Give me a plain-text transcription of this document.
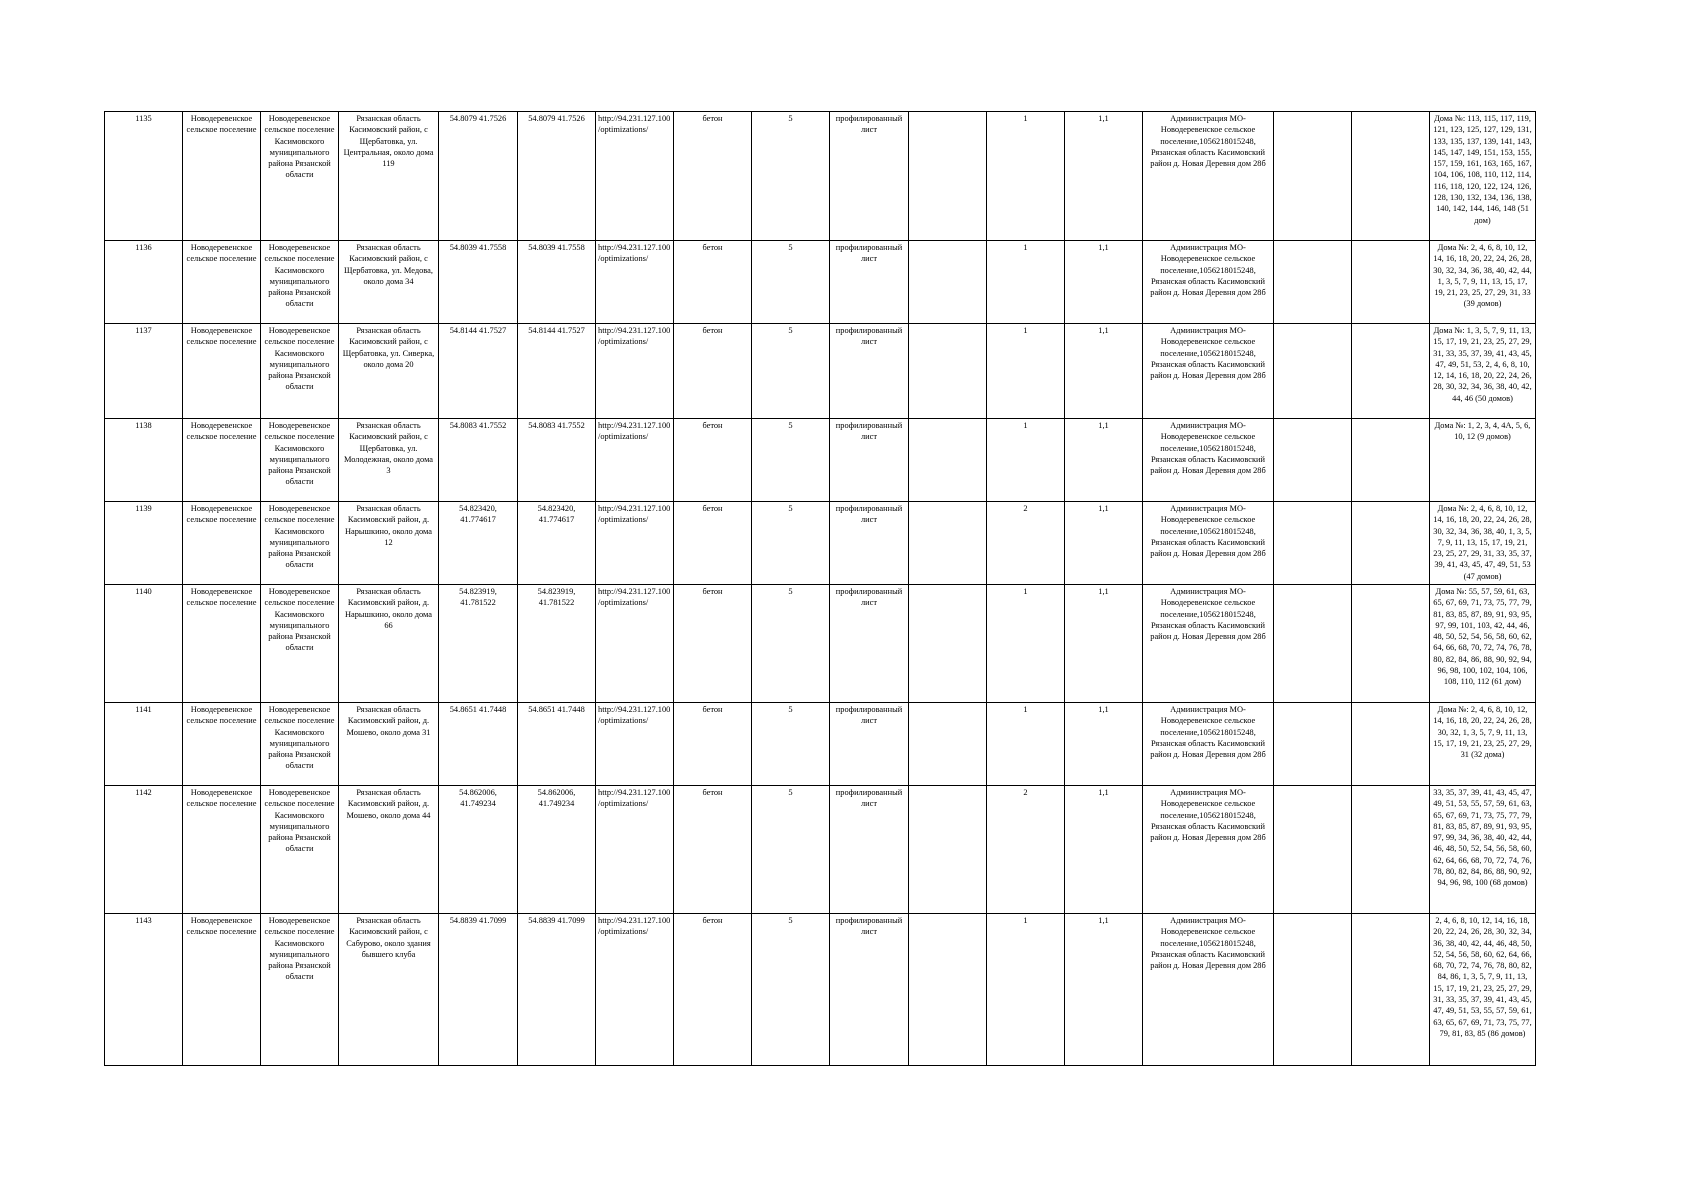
1135	Новодеревенское сельское поселение	Новодеревенское сельское поселение Касимовского муниципального района Рязанской области	Рязанская область Касимовский район, с Щербатовка, ул. Центральная, около дома 119	54.8079 41.7526	54.8079 41.7526	http://94.231.127.100/optimizations/	бетон	5	профилированный лист		1	1,1	Администрация МО-Новодеревенское сельское поселение,1056218015248, Рязанская область Касимовский район д. Новая Деревня дом 28б			Дома №: 113, 115, 117, 119, 121, 123, 125, 127, 129, 131, 133, 135, 137, 139, 141, 143, 145, 147, 149, 151, 153, 155, 157, 159, 161, 163, 165, 167, 104, 106, 108, 110, 112, 114, 116, 118, 120, 122, 124, 126, 128, 130, 132, 134, 136, 138, 140, 142, 144, 146, 148 (51 дом)
1136	Новодеревенское сельское поселение	Новодеревенское сельское поселение Касимовского муниципального района Рязанской области	Рязанская область Касимовский район, с Щербатовка, ул. Медова, около дома 34	54.8039 41.7558	54.8039 41.7558	http://94.231.127.100/optimizations/	бетон	5	профилированный лист		1	1,1	Администрация МО-Новодеревенское сельское поселение,1056218015248, Рязанская область Касимовский район д. Новая Деревня дом 28б			Дома №: 2, 4, 6, 8, 10, 12, 14, 16, 18, 20, 22, 24, 26, 28, 30, 32, 34, 36, 38, 40, 42, 44, 1, 3, 5, 7, 9, 11, 13, 15, 17, 19, 21, 23, 25, 27, 29, 31, 33 (39 домов)
1137	Новодеревенское сельское поселение	Новодеревенское сельское поселение Касимовского муниципального района Рязанской области	Рязанская область Касимовский район, с Щербатовка, ул. Сиверка, около дома 20	54.8144 41.7527	54.8144 41.7527	http://94.231.127.100/optimizations/	бетон	5	профилированный лист		1	1,1	Администрация МО-Новодеревенское сельское поселение,1056218015248, Рязанская область Касимовский район д. Новая Деревня дом 28б			Дома №: 1, 3, 5, 7, 9, 11, 13, 15, 17, 19, 21, 23, 25, 27, 29, 31, 33, 35, 37, 39, 41, 43, 45, 47, 49, 51, 53, 2, 4, 6, 8, 10, 12, 14, 16, 18, 20, 22, 24, 26, 28, 30, 32, 34, 36, 38, 40, 42, 44, 46 (50 домов)
1138	Новодеревенское сельское поселение	Новодеревенское сельское поселение Касимовского муниципального района Рязанской области	Рязанская область Касимовский район, с Щербатовка, ул. Молодежная, около дома 3	54.8083 41.7552	54.8083 41.7552	http://94.231.127.100/optimizations/	бетон	5	профилированный лист		1	1,1	Администрация МО-Новодеревенское сельское поселение,1056218015248, Рязанская область Касимовский район д. Новая Деревня дом 28б			Дома №: 1, 2, 3, 4, 4А, 5, 6, 10, 12 (9 домов)
1139	Новодеревенское сельское поселение	Новодеревенское сельское поселение Касимовского муниципального района Рязанской области	Рязанская область Касимовский район, д. Нарышкино, около дома 12	54.823420, 41.774617	54.823420, 41.774617	http://94.231.127.100/optimizations/	бетон	5	профилированный лист		2	1,1	Администрация МО-Новодеревенское сельское поселение,1056218015248, Рязанская область Касимовский район д. Новая Деревня дом 28б			Дома №: 2, 4, 6, 8, 10, 12, 14, 16, 18, 20, 22, 24, 26, 28, 30, 32, 34, 36, 38, 40, 1, 3, 5, 7, 9, 11, 13, 15, 17, 19, 21, 23, 25, 27, 29, 31, 33, 35, 37, 39, 41, 43, 45, 47, 49, 51, 53 (47 домов)
1140	Новодеревенское сельское поселение	Новодеревенское сельское поселение Касимовского муниципального района Рязанской области	Рязанская область Касимовский район, д. Нарышкино, около дома 66	54.823919, 41.781522	54.823919, 41.781522	http://94.231.127.100/optimizations/	бетон	5	профилированный лист		1	1,1	Администрация МО-Новодеревенское сельское поселение,1056218015248, Рязанская область Касимовский район д. Новая Деревня дом 28б			Дома №: 55, 57, 59, 61, 63, 65, 67, 69, 71, 73, 75, 77, 79, 81, 83, 85, 87, 89, 91, 93, 95, 97, 99, 101, 103, 42, 44, 46, 48, 50, 52, 54, 56, 58, 60, 62, 64, 66, 68, 70, 72, 74, 76, 78, 80, 82, 84, 86, 88, 90, 92, 94, 96, 98, 100, 102, 104, 106, 108, 110, 112 (61 дом)
1141	Новодеревенское сельское поселение	Новодеревенское сельское поселение Касимовского муниципального района Рязанской области	Рязанская область Касимовский район, д. Мошево, около дома 31	54.8651 41.7448	54.8651 41.7448	http://94.231.127.100/optimizations/	бетон	5	профилированный лист		1	1,1	Администрация МО-Новодеревенское сельское поселение,1056218015248, Рязанская область Касимовский район д. Новая Деревня дом 28б			Дома №: 2, 4, 6, 8, 10, 12, 14, 16, 18, 20, 22, 24, 26, 28, 30, 32, 1, 3, 5, 7, 9, 11, 13, 15, 17, 19, 21, 23, 25, 27, 29, 31 (32 дома)
1142	Новодеревенское сельское поселение	Новодеревенское сельское поселение Касимовского муниципального района Рязанской области	Рязанская область Касимовский район, д. Мошево, около дома 44	54.862006, 41.749234	54.862006, 41.749234	http://94.231.127.100/optimizations/	бетон	5	профилированный лист		2	1,1	Администрация МО-Новодеревенское сельское поселение,1056218015248, Рязанская область Касимовский район д. Новая Деревня дом 28б			33, 35, 37, 39, 41, 43, 45, 47, 49, 51, 53, 55, 57, 59, 61, 63, 65, 67, 69, 71, 73, 75, 77, 79, 81, 83, 85, 87, 89, 91, 93, 95, 97, 99, 34, 36, 38, 40, 42, 44, 46, 48, 50, 52, 54, 56, 58, 60, 62, 64, 66, 68, 70, 72, 74, 76, 78, 80, 82, 84, 86, 88, 90, 92, 94, 96, 98, 100 (68 домов)
1143	Новодеревенское сельское поселение	Новодеревенское сельское поселение Касимовского муниципального района Рязанской области	Рязанская область Касимовский район, с Сабурово, около здания бывшего клуба	54.8839 41.7099	54.8839 41.7099	http://94.231.127.100/optimizations/	бетон	5	профилированный лист		1	1,1	Администрация МО-Новодеревенское сельское поселение,1056218015248, Рязанская область Касимовский район д. Новая Деревня дом 28б			2, 4, 6, 8, 10, 12, 14, 16, 18, 20, 22, 24, 26, 28, 30, 32, 34, 36, 38, 40, 42, 44, 46, 48, 50, 52, 54, 56, 58, 60, 62, 64, 66, 68, 70, 72, 74, 76, 78, 80, 82, 84, 86, 1, 3, 5, 7, 9, 11, 13, 15, 17, 19, 21, 23, 25, 27, 29, 31, 33, 35, 37, 39, 41, 43, 45, 47, 49, 51, 53, 55, 57, 59, 61, 63, 65, 67, 69, 71, 73, 75, 77, 79, 81, 83, 85 (86 домов)
